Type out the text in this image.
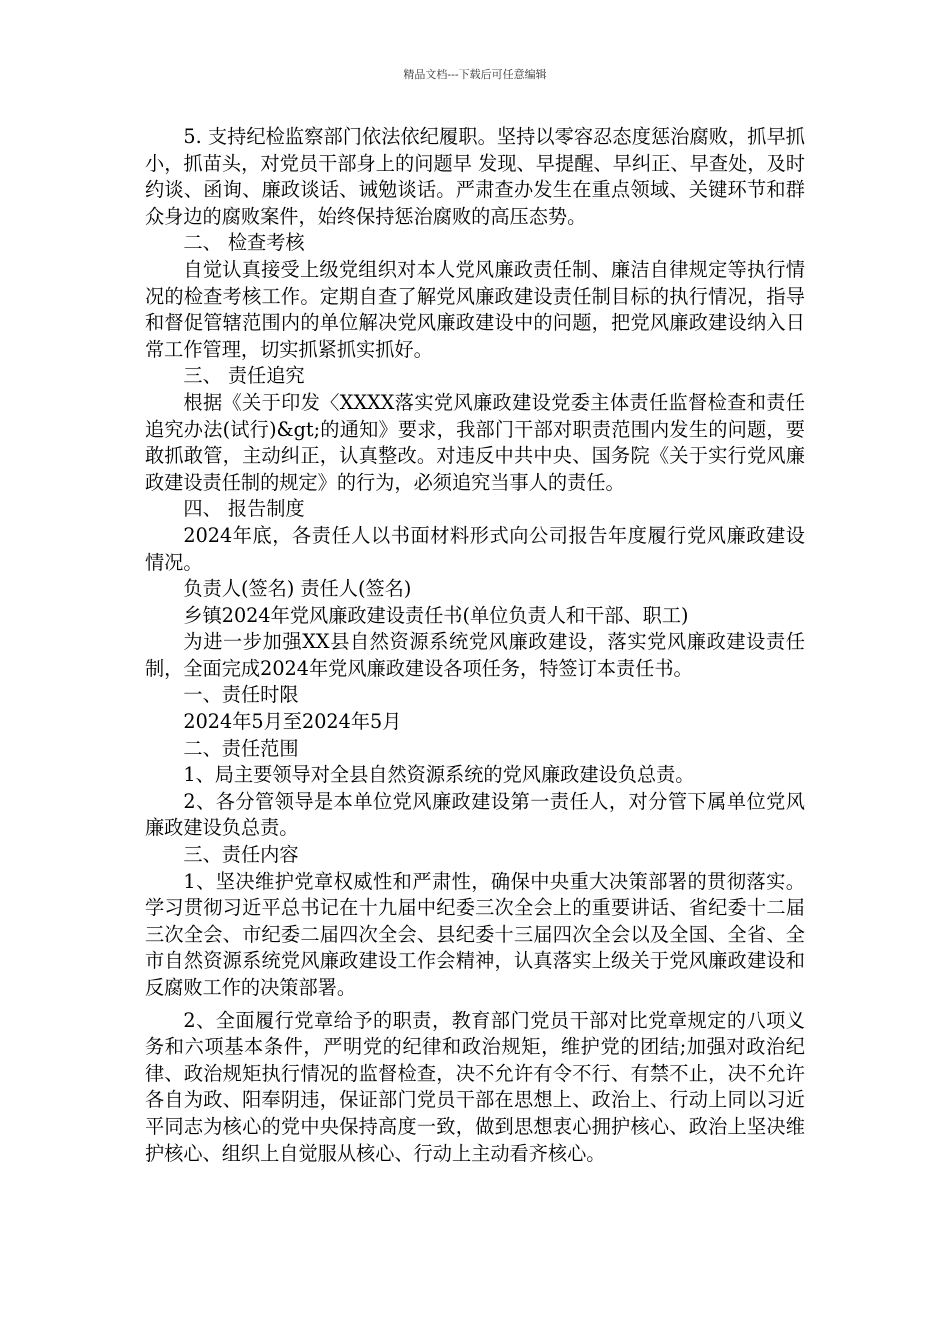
精品文档---下载后可任意编辑

5. 支持纪检监察部门依法依纪履职。坚持以零容忍态度惩治腐败，抓早抓小，抓苗头，对党员干部身上的问题早 发现、早提醒、早纠正、早查处，及时约谈、函询、廉政谈话、诫勉谈话。严肃查办发生在重点领域、关键环节和群众身边的腐败案件，始终保持惩治腐败的高压态势。

二、 检查考核

自觉认真接受上级党组织对本人党风廉政责任制、廉洁自律规定等执行情况的检查考核工作。定期自查了解党风廉政建设责任制目标的执行情况，指导和督促管辖范围内的单位解决党风廉政建设中的问题，把党风廉政建设纳入日常工作管理，切实抓紧抓实抓好。

三、 责任追究

根据《关于印发〈XXXX落实党风廉政建设党委主体责任监督检查和责任追究办法(试行)&gt;的通知》要求，我部门干部对职责范围内发生的问题，要敢抓敢管，主动纠正，认真整改。对违反中共中央、国务院《关于实行党风廉政建设责任制的规定》的行为，必须追究当事人的责任。

四、 报告制度

2024年底，各责任人以书面材料形式向公司报告年度履行党风廉政建设情况。

负责人(签名) 责任人(签名)

乡镇2024年党风廉政建设责任书(单位负责人和干部、职工)

为进一步加强XX县自然资源系统党风廉政建设，落实党风廉政建设责任制，全面完成2024年党风廉政建设各项任务，特签订本责任书。

一、责任时限

2024年5月至2024年5月

二、责任范围

1、局主要领导对全县自然资源系统的党风廉政建设负总责。

2、各分管领导是本单位党风廉政建设第一责任人，对分管下属单位党风廉政建设负总责。

三、责任内容

1、坚决维护党章权威性和严肃性，确保中央重大决策部署的贯彻落实。学习贯彻习近平总书记在十九届中纪委三次全会上的重要讲话、省纪委十二届三次全会、市纪委二届四次全会、县纪委十三届四次全会以及全国、全省、全市自然资源系统党风廉政建设工作会精神，认真落实上级关于党风廉政建设和反腐败工作的决策部署。

2、全面履行党章给予的职责，教育部门党员干部对比党章规定的八项义务和六项基本条件，严明党的纪律和政治规矩，维护党的团结;加强对政治纪律、政治规矩执行情况的监督检查，决不允许有令不行、有禁不止，决不允许各自为政、阳奉阴违，保证部门党员干部在思想上、政治上、行动上同以习近平同志为核心的党中央保持高度一致，做到思想衷心拥护核心、政治上坚决维护核心、组织上自觉服从核心、行动上主动看齐核心。
